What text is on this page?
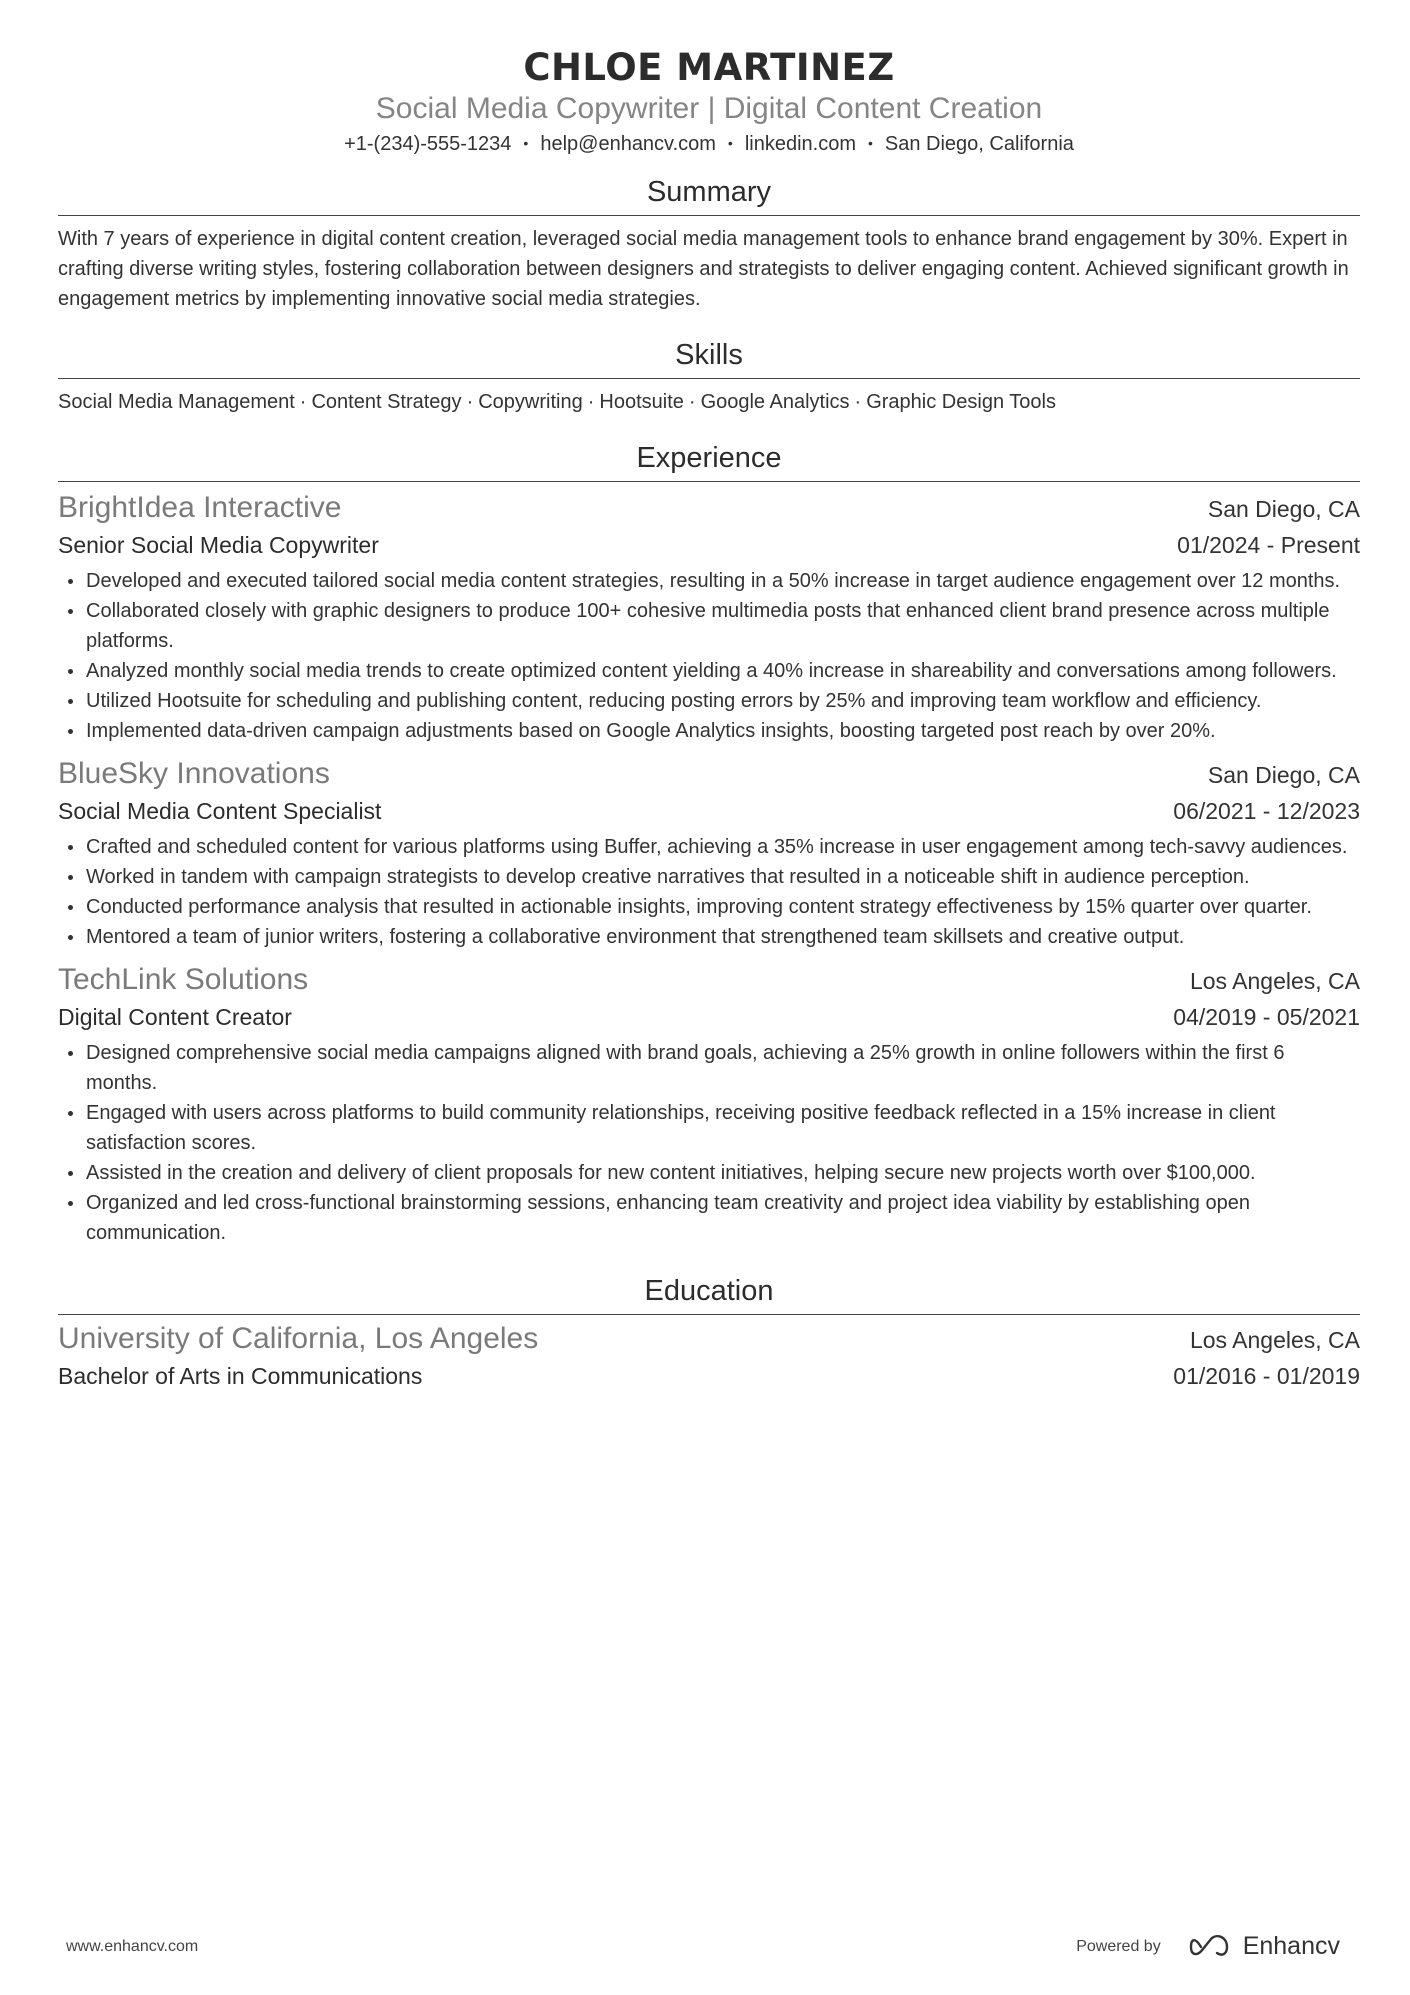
CHLOE MARTINEZ
Social Media Copywriter | Digital Content Creation
+1-(234)-555-1234 • help@enhancv.com • linkedin.com • San Diego, California
Summary
With 7 years of experience in digital content creation, leveraged social media management tools to enhance brand engagement by 30%. Expert in crafting diverse writing styles, fostering collaboration between designers and strategists to deliver engaging content. Achieved significant growth in engagement metrics by implementing innovative social media strategies.
Skills
Social Media Management · Content Strategy · Copywriting · Hootsuite · Google Analytics · Graphic Design Tools
Experience
BrightIdea Interactive	San Diego, CA
Senior Social Media Copywriter	01/2024 - Present
Developed and executed tailored social media content strategies, resulting in a 50% increase in target audience engagement over 12 months.
Collaborated closely with graphic designers to produce 100+ cohesive multimedia posts that enhanced client brand presence across multiple platforms.
Analyzed monthly social media trends to create optimized content yielding a 40% increase in shareability and conversations among followers.
Utilized Hootsuite for scheduling and publishing content, reducing posting errors by 25% and improving team workflow and efficiency.
Implemented data-driven campaign adjustments based on Google Analytics insights, boosting targeted post reach by over 20%.
BlueSky Innovations	San Diego, CA
Social Media Content Specialist	06/2021 - 12/2023
Crafted and scheduled content for various platforms using Buffer, achieving a 35% increase in user engagement among tech-savvy audiences.
Worked in tandem with campaign strategists to develop creative narratives that resulted in a noticeable shift in audience perception.
Conducted performance analysis that resulted in actionable insights, improving content strategy effectiveness by 15% quarter over quarter.
Mentored a team of junior writers, fostering a collaborative environment that strengthened team skillsets and creative output.
TechLink Solutions	Los Angeles, CA
Digital Content Creator	04/2019 - 05/2021
Designed comprehensive social media campaigns aligned with brand goals, achieving a 25% growth in online followers within the first 6 months.
Engaged with users across platforms to build community relationships, receiving positive feedback reflected in a 15% increase in client satisfaction scores.
Assisted in the creation and delivery of client proposals for new content initiatives, helping secure new projects worth over $100,000.
Organized and led cross-functional brainstorming sessions, enhancing team creativity and project idea viability by establishing open communication.
Education
University of California, Los Angeles	Los Angeles, CA
Bachelor of Arts in Communications	01/2016 - 01/2019
www.enhancv.com	Powered by	Enhancv
